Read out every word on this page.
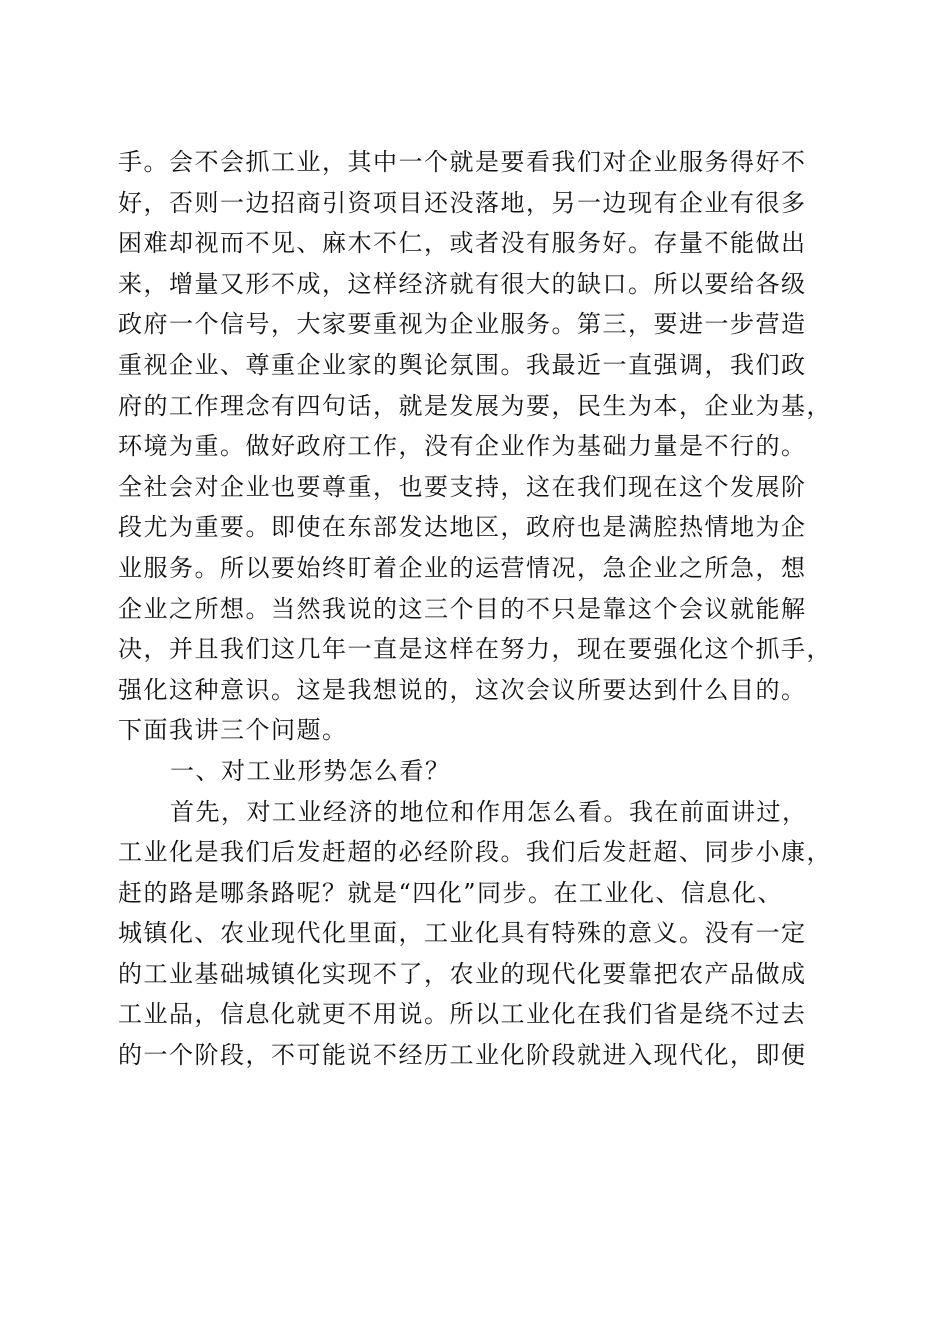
手。会不会抓工业，其中一个就是要看我们对企业服务得好不
好，否则一边招商引资项目还没落地，另一边现有企业有很多
困难却视而不见、麻木不仁，或者没有服务好。存量不能做出
来，增量又形不成，这样经济就有很大的缺口。所以要给各级
政府一个信号，大家要重视为企业服务。第三，要进一步营造
重视企业、尊重企业家的舆论氛围。我最近一直强调，我们政
府的工作理念有四句话，就是发展为要，民生为本，企业为基，
环境为重。做好政府工作，没有企业作为基础力量是不行的。
全社会对企业也要尊重，也要支持，这在我们现在这个发展阶
段尤为重要。即使在东部发达地区，政府也是满腔热情地为企
业服务。所以要始终盯着企业的运营情况，急企业之所急，想
企业之所想。当然我说的这三个目的不只是靠这个会议就能解
决，并且我们这几年一直是这样在努力，现在要强化这个抓手，
强化这种意识。这是我想说的，这次会议所要达到什么目的。
下面我讲三个问题。
一、对工业形势怎么看？
首先，对工业经济的地位和作用怎么看。我在前面讲过，
工业化是我们后发赶超的必经阶段。我们后发赶超、同步小康，
赶的路是哪条路呢？就是“四化”同步。在工业化、信息化、
城镇化、农业现代化里面，工业化具有特殊的意义。没有一定
的工业基础城镇化实现不了，农业的现代化要靠把农产品做成
工业品，信息化就更不用说。所以工业化在我们省是绕不过去
的一个阶段，不可能说不经历工业化阶段就进入现代化，即便
